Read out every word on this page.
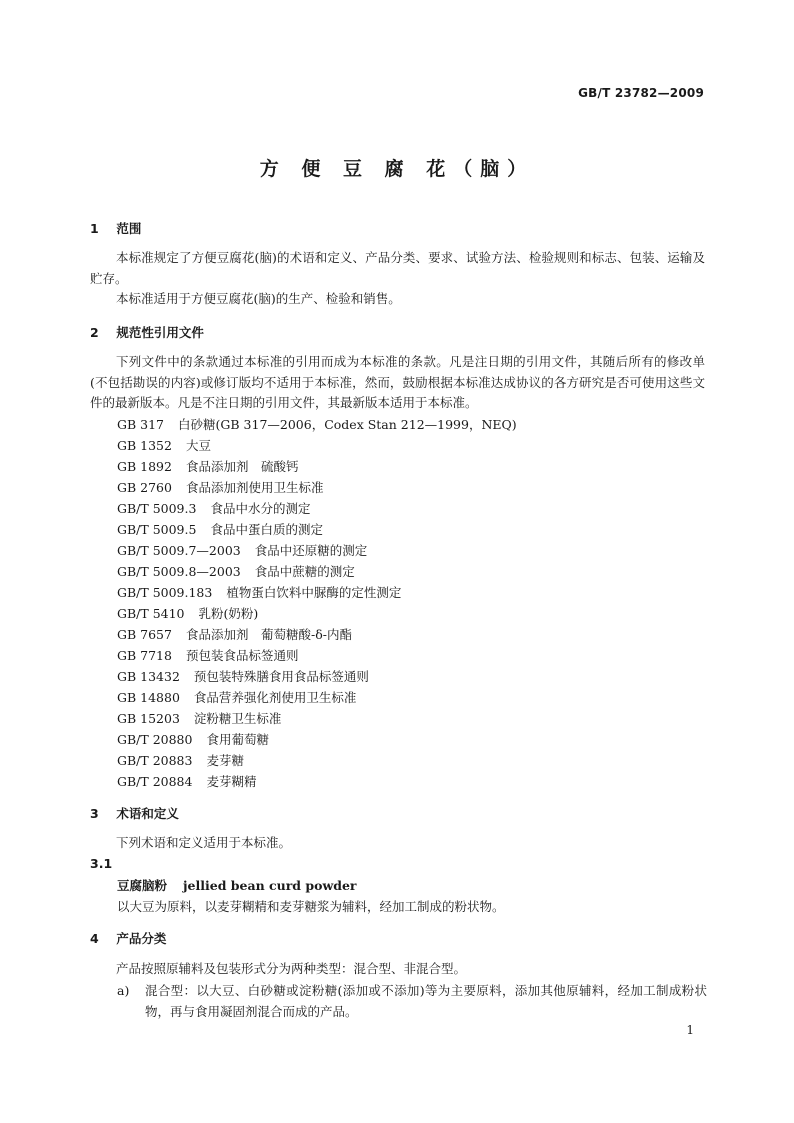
GB/T 23782—2009
方 便 豆 腐 花（脑）
1 范围
本标准规定了方便豆腐花(脑)的术语和定义、产品分类、要求、试验方法、检验规则和标志、包装、运输及贮存。
本标准适用于方便豆腐花(脑)的生产、检验和销售。
2 规范性引用文件
下列文件中的条款通过本标准的引用而成为本标准的条款。凡是注日期的引用文件，其随后所有的修改单(不包括勘误的内容)或修订版均不适用于本标准，然而，鼓励根据本标准达成协议的各方研究是否可使用这些文件的最新版本。凡是不注日期的引用文件，其最新版本适用于本标准。
GB 317 白砂糖(GB 317—2006，Codex Stan 212—1999，NEQ)
GB 1352 大豆
GB 1892 食品添加剂　硫酸钙
GB 2760 食品添加剂使用卫生标准
GB/T 5009.3 食品中水分的测定
GB/T 5009.5 食品中蛋白质的测定
GB/T 5009.7—2003 食品中还原糖的测定
GB/T 5009.8—2003 食品中蔗糖的测定
GB/T 5009.183 植物蛋白饮料中脲酶的定性测定
GB/T 5410 乳粉(奶粉)
GB 7657 食品添加剂　葡萄糖酸-δ-内酯
GB 7718 预包装食品标签通则
GB 13432 预包装特殊膳食用食品标签通则
GB 14880 食品营养强化剂使用卫生标准
GB 15203 淀粉糖卫生标准
GB/T 20880 食用葡萄糖
GB/T 20883 麦芽糖
GB/T 20884 麦芽糊精
3 术语和定义
下列术语和定义适用于本标准。
3.1
豆腐脑粉 jellied bean curd powder
以大豆为原料，以麦芽糊精和麦芽糖浆为辅料，经加工制成的粉状物。
4 产品分类
产品按照原辅料及包装形式分为两种类型：混合型、非混合型。
a) 混合型：以大豆、白砂糖或淀粉糖(添加或不添加)等为主要原料，添加其他原辅料，经加工制成粉状物，再与食用凝固剂混合而成的产品。
1
